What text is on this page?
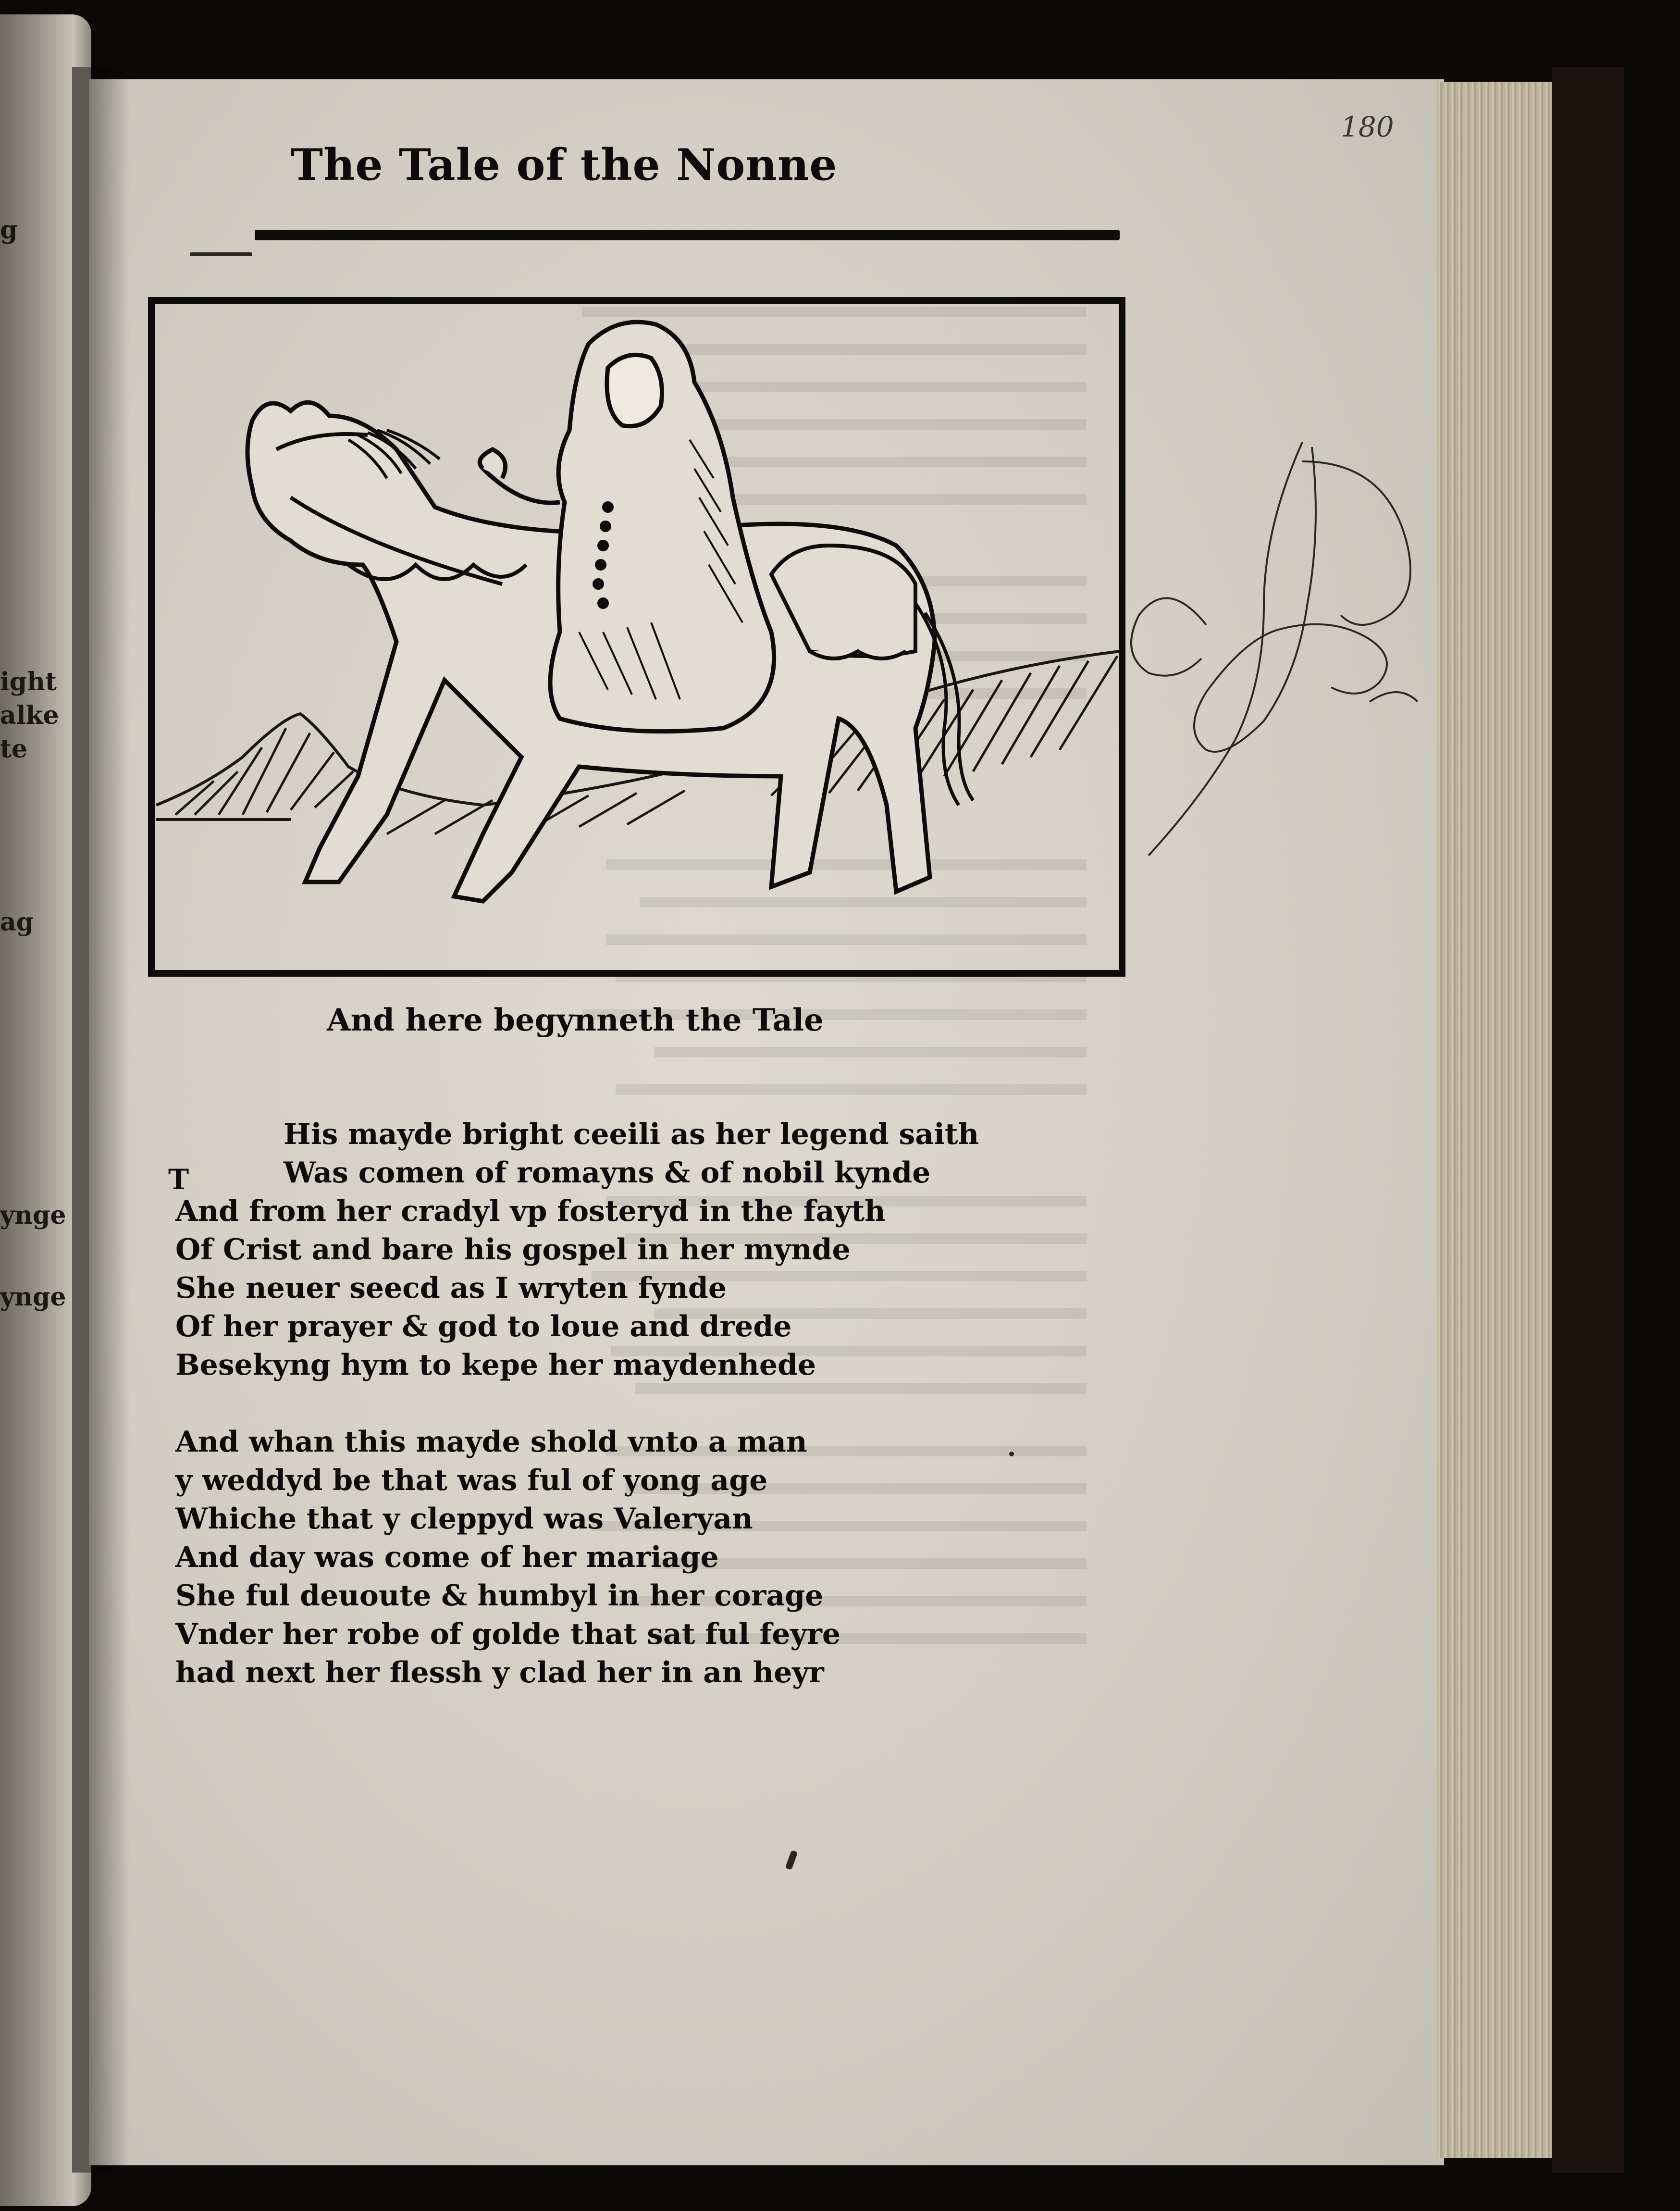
g
ight
alke
te
ag
ynge
ynge

180
The Tale of the Nonne
And here begynneth the Tale
T
His mayde bright ceeili as her legend saith
Was comen of romayns & of nobil kynde
And from her cradyl vp fosteryd in the fayth
Of Crist and bare his gospel in her mynde
She neuer seecd as I wryten fynde
Of her prayer & god to loue and drede
Besekyng hym to kepe her maydenhede
And whan this mayde shold vnto a man
y weddyd be that was ful of yong age
Whiche that y cleppyd was Valeryan
And day was come of her mariage
She ful deuoute & humbyl in her corage
Vnder her robe of golde that sat ful feyre
had next her flessh y clad her in an heyr
